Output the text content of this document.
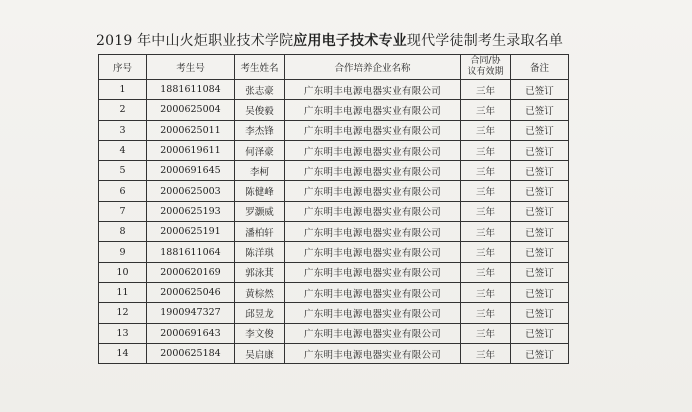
2019 年中山火炬职业技术学院应用电子技术专业现代学徒制考生录取名单
序号	考生号	考生姓名	合作培养企业名称	合同/协
议有效期	备注
1	1881611084	张志豪	广东明丰电源电器实业有限公司	三年	已签订
2	2000625004	吴俊毅	广东明丰电源电器实业有限公司	三年	已签订
3	2000625011	李杰锋	广东明丰电源电器实业有限公司	三年	已签订
4	2000619611	何泽豪	广东明丰电源电器实业有限公司	三年	已签订
5	2000691645	李柯	广东明丰电源电器实业有限公司	三年	已签订
6	2000625003	陈健峰	广东明丰电源电器实业有限公司	三年	已签订
7	2000625193	罗灏威	广东明丰电源电器实业有限公司	三年	已签订
8	2000625191	潘柏轩	广东明丰电源电器实业有限公司	三年	已签订
9	1881611064	陈洋琪	广东明丰电源电器实业有限公司	三年	已签订
10	2000620169	郭泳萁	广东明丰电源电器实业有限公司	三年	已签订
11	2000625046	黄棕然	广东明丰电源电器实业有限公司	三年	已签订
12	1900947327	邱昱龙	广东明丰电源电器实业有限公司	三年	已签订
13	2000691643	李文俊	广东明丰电源电器实业有限公司	三年	已签订
14	2000625184	吴启康	广东明丰电源电器实业有限公司	三年	已签订
